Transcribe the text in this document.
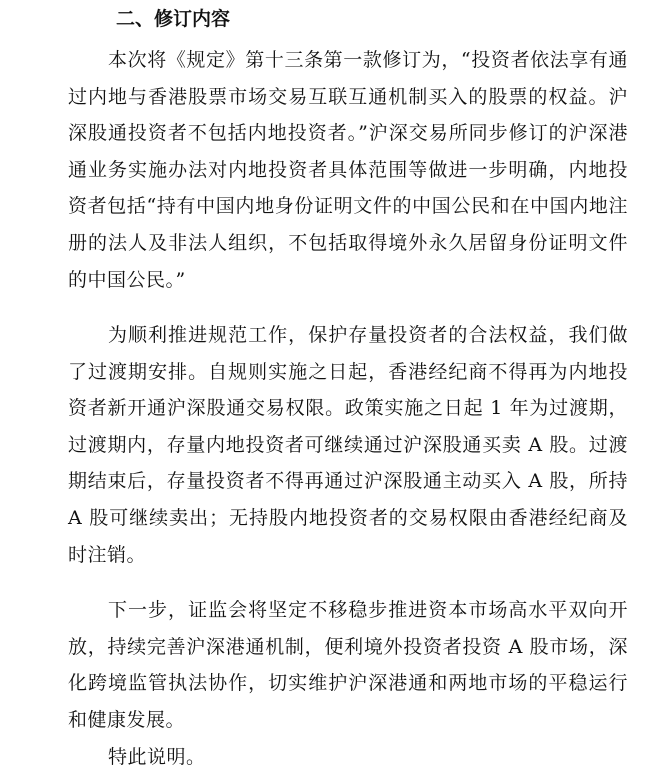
二、修订内容

本次将《规定》第十三条第一款修订为，“投资者依法享有通过内地与香港股票市场交易互联互通机制买入的股票的权益。沪深股通投资者不包括内地投资者。”沪深交易所同步修订的沪深港通业务实施办法对内地投资者具体范围等做进一步明确，内地投资者包括“持有中国内地身份证明文件的中国公民和在中国内地注册的法人及非法人组织，不包括取得境外永久居留身份证明文件的中国公民。”

为顺利推进规范工作，保护存量投资者的合法权益，我们做了过渡期安排。自规则实施之日起，香港经纪商不得再为内地投资者新开通沪深股通交易权限。政策实施之日起 1 年为过渡期，过渡期内，存量内地投资者可继续通过沪深股通买卖 A 股。过渡期结束后，存量投资者不得再通过沪深股通主动买入 A 股，所持 A 股可继续卖出；无持股内地投资者的交易权限由香港经纪商及时注销。

下一步，证监会将坚定不移稳步推进资本市场高水平双向开放，持续完善沪深港通机制，便利境外投资者投资 A 股市场，深化跨境监管执法协作，切实维护沪深港通和两地市场的平稳运行和健康发展。

特此说明。
